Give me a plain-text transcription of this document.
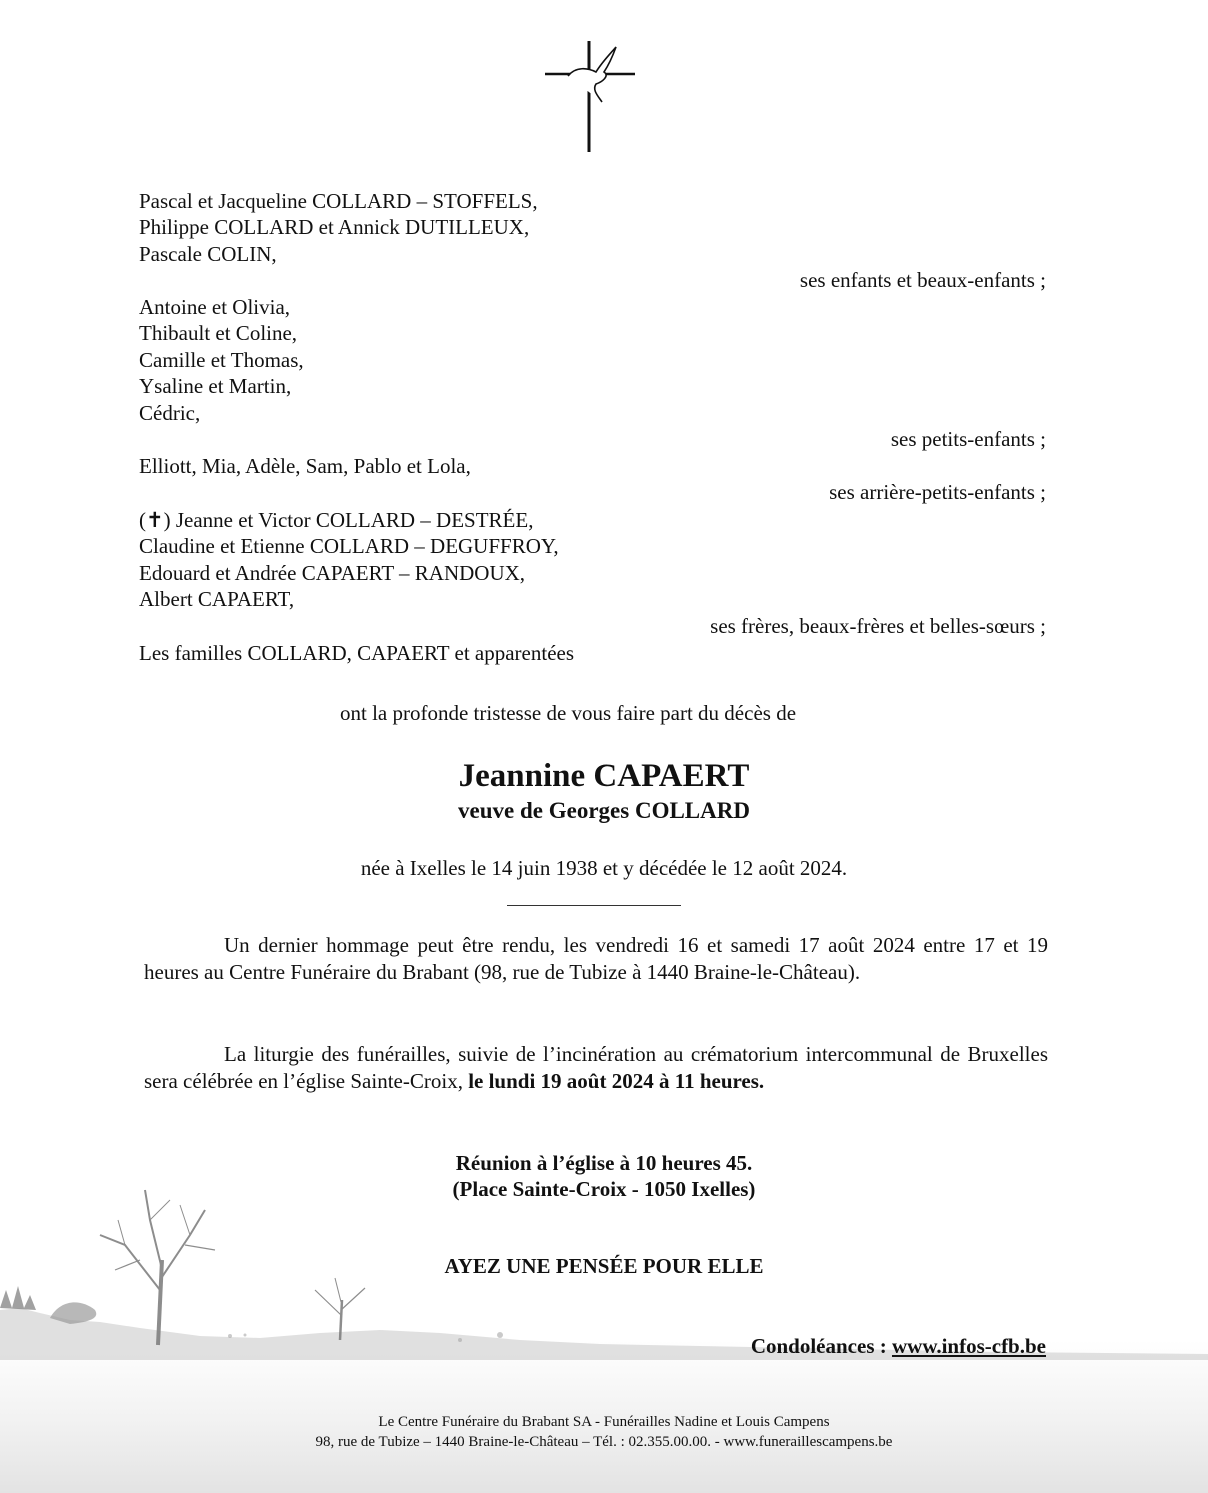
Pascal et Jacqueline COLLARD – STOFFELS,
Philippe COLLARD et Annick DUTILLEUX,
Pascale COLIN,
ses enfants et beaux-enfants ;
Antoine et Olivia,
Thibault et Coline,
Camille et Thomas,
Ysaline et Martin,
Cédric,
ses petits-enfants ;
Elliott, Mia, Adèle, Sam, Pablo et Lola,
ses arrière-petits-enfants ;
(✝) Jeanne et Victor COLLARD – DESTRÉE,
Claudine et Etienne COLLARD – DEGUFFROY,
Edouard et Andrée CAPAERT – RANDOUX,
Albert CAPAERT,
ses frères, beaux-frères et belles-sœurs ;
Les familles COLLARD, CAPAERT et apparentées
ont la profonde tristesse de vous faire part du décès de
Jeannine CAPAERT
veuve de Georges COLLARD
née à Ixelles le 14 juin 1938 et y décédée le 12 août 2024.
Un dernier hommage peut être rendu, les vendredi 16 et samedi 17 août 2024 entre 17 et 19 heures au Centre Funéraire du Brabant (98, rue de Tubize à 1440 Braine-le-Château).
La liturgie des funérailles, suivie de l’incinération au crématorium intercommunal de Bruxelles sera célébrée en l’église Sainte-Croix, le lundi 19 août 2024 à 11 heures.
Réunion à l’église à 10 heures 45.
(Place Sainte-Croix - 1050 Ixelles)
AYEZ UNE PENSÉE POUR ELLE
Condoléances : www.infos-cfb.be
Le Centre Funéraire du Brabant SA - Funérailles Nadine et Louis Campens
98, rue de Tubize – 1440 Braine-le-Château – Tél. : 02.355.00.00. - www.funeraillescampens.be
